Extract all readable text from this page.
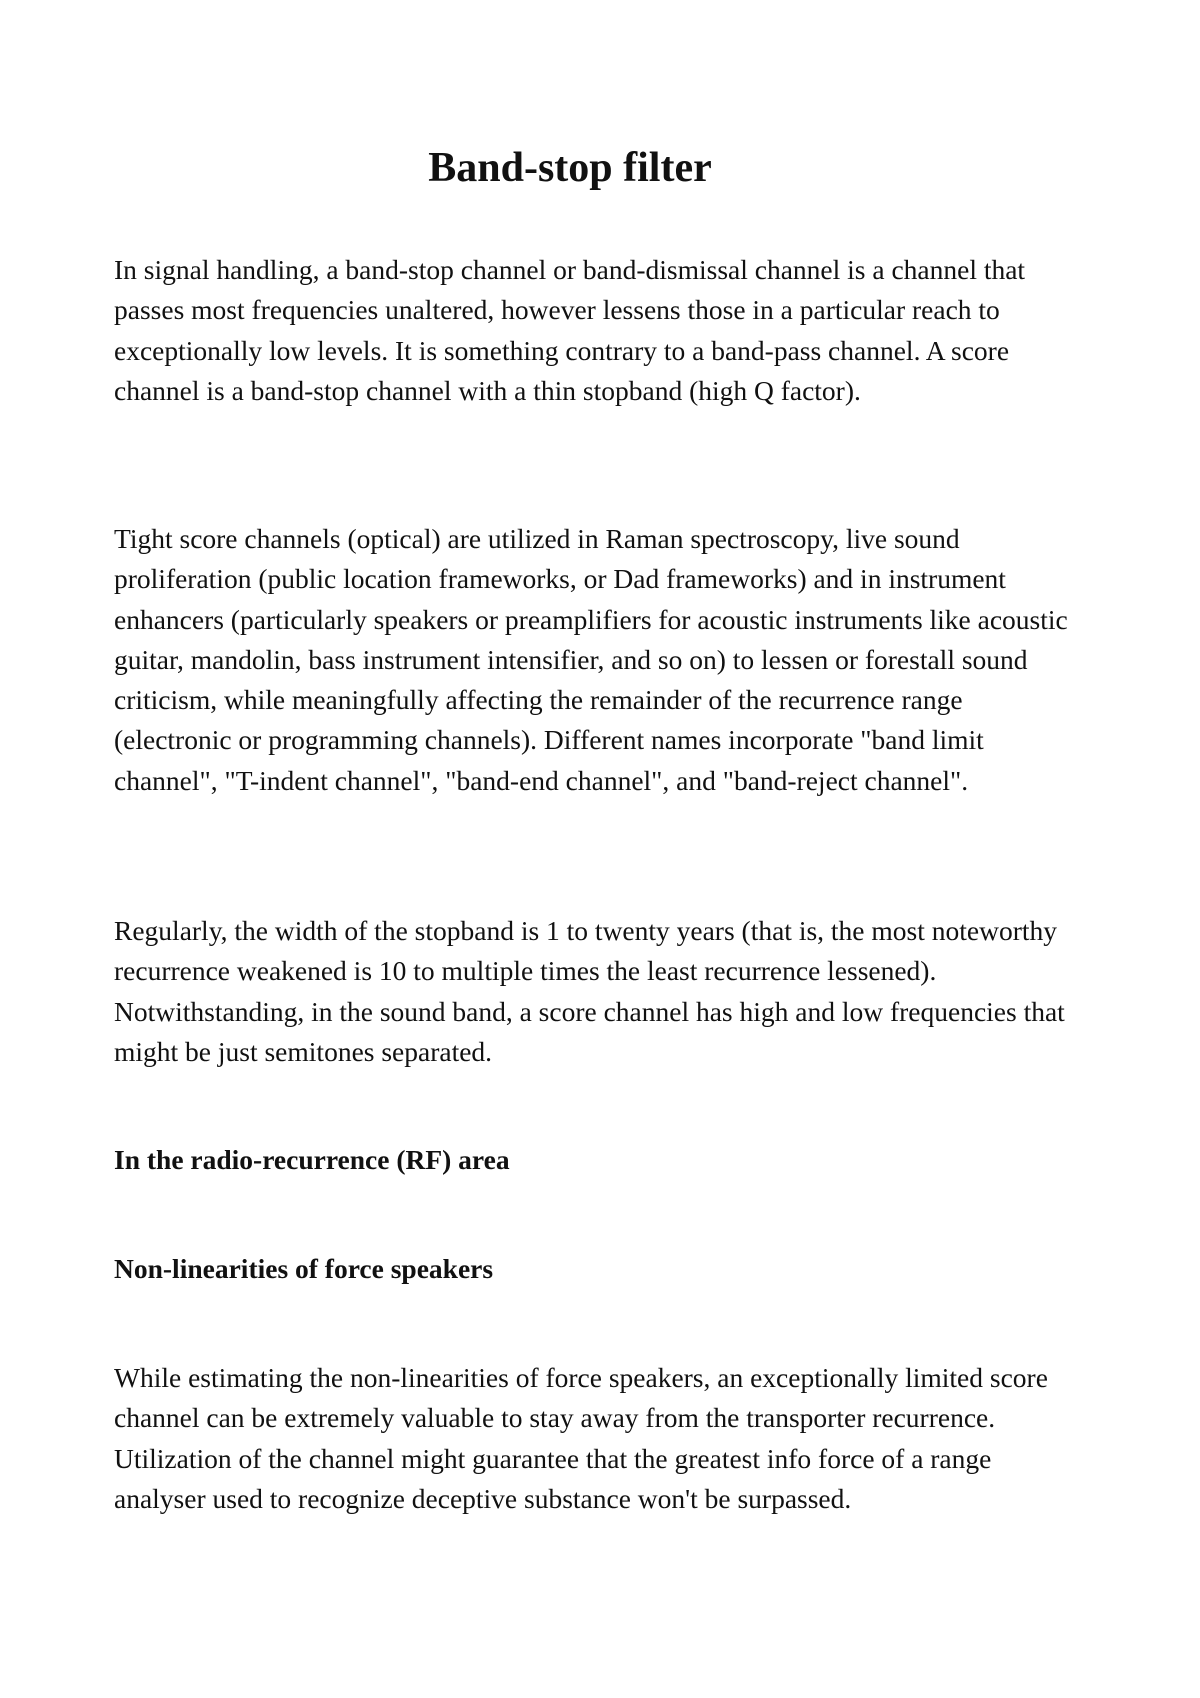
Band-stop filter

In signal handling, a band-stop channel or band-dismissal channel is a channel that passes most frequencies unaltered, however lessens those in a particular reach to exceptionally low levels. It is something contrary to a band-pass channel. A score channel is a band-stop channel with a thin stopband (high Q factor).

Tight score channels (optical) are utilized in Raman spectroscopy, live sound proliferation (public location frameworks, or Dad frameworks) and in instrument enhancers (particularly speakers or preamplifiers for acoustic instruments like acoustic guitar, mandolin, bass instrument intensifier, and so on) to lessen or forestall sound criticism, while meaningfully affecting the remainder of the recurrence range (electronic or programming channels). Different names incorporate "band limit channel", "T-indent channel", "band-end channel", and "band-reject channel".

Regularly, the width of the stopband is 1 to twenty years (that is, the most noteworthy recurrence weakened is 10 to multiple times the least recurrence lessened). Notwithstanding, in the sound band, a score channel has high and low frequencies that might be just semitones separated.

In the radio-recurrence (RF) area

Non-linearities of force speakers

While estimating the non-linearities of force speakers, an exceptionally limited score channel can be extremely valuable to stay away from the transporter recurrence. Utilization of the channel might guarantee that the greatest info force of a range analyser used to recognize deceptive substance won't be surpassed.
